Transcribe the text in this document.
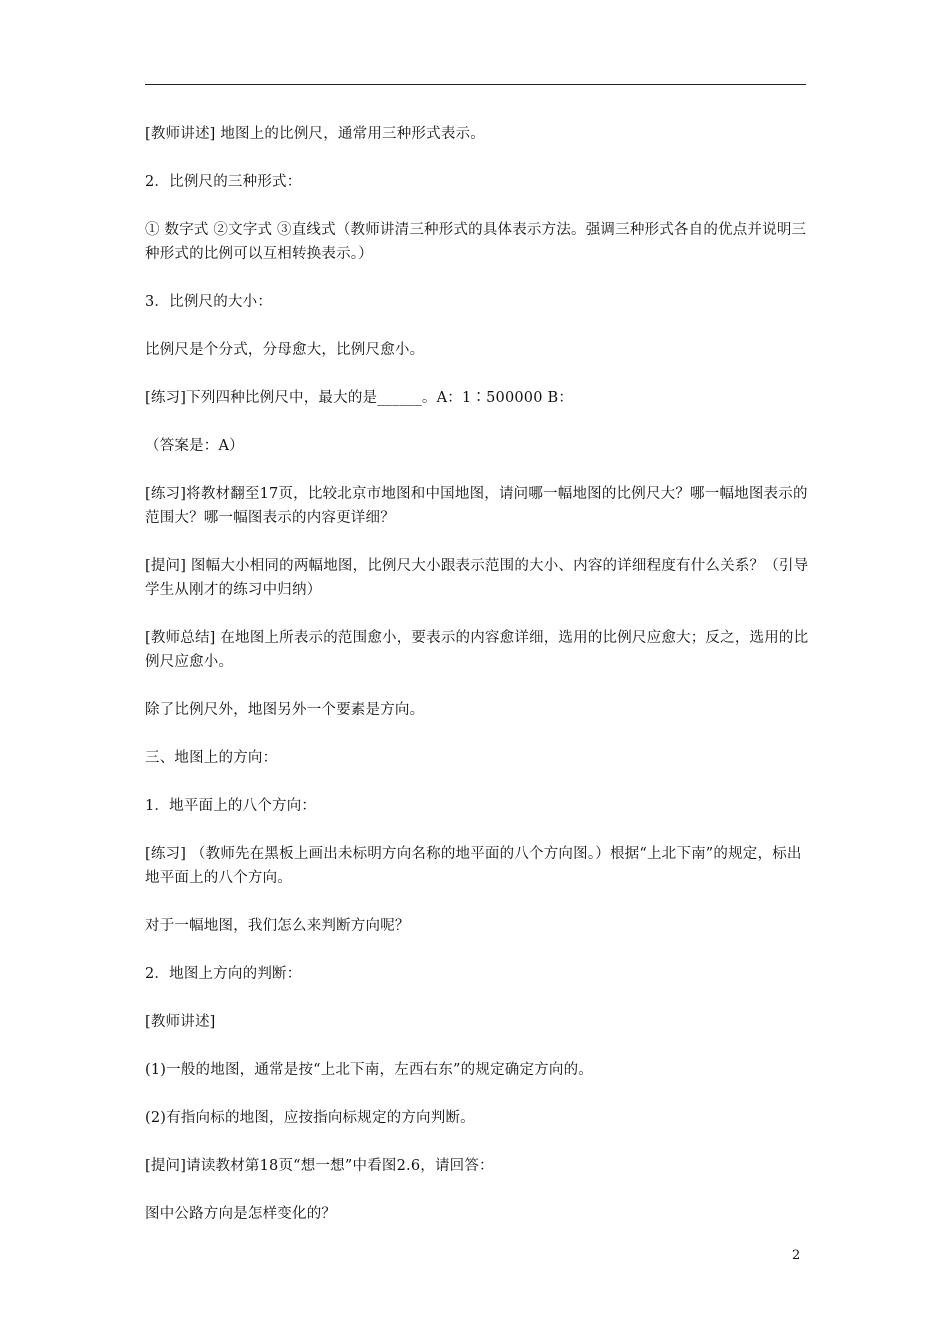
[教师讲述] 地图上的比例尺，通常用三种形式表示。

2．比例尺的三种形式：

① 数字式 ②文字式 ③直线式（教师讲清三种形式的具体表示方法。强调三种形式各自的优点并说明三种形式的比例可以互相转换表示。）

3．比例尺的大小：

比例尺是个分式，分母愈大，比例尺愈小。

[练习]下列四种比例尺中，最大的是______。A：1∶500000 B：

（答案是：A）

[练习]将教材翻至17页，比较北京市地图和中国地图，请问哪一幅地图的比例尺大？哪一幅地图表示的范围大？哪一幅图表示的内容更详细？

[提问] 图幅大小相同的两幅地图，比例尺大小跟表示范围的大小、内容的详细程度有什么关系？（引导学生从刚才的练习中归纳）

[教师总结] 在地图上所表示的范围愈小，要表示的内容愈详细，选用的比例尺应愈大；反之，选用的比例尺应愈小。

除了比例尺外，地图另外一个要素是方向。

三、地图上的方向：

1．地平面上的八个方向：

[练习] （教师先在黑板上画出未标明方向名称的地平面的八个方向图。）根据“上北下南”的规定，标出地平面上的八个方向。

对于一幅地图，我们怎么来判断方向呢？

2．地图上方向的判断：

[教师讲述]

(1)一般的地图，通常是按“上北下南，左西右东”的规定确定方向的。

(2)有指向标的地图，应按指向标规定的方向判断。

[提问]请读教材第18页“想一想”中看图2.6，请回答：

图中公路方向是怎样变化的？

2
